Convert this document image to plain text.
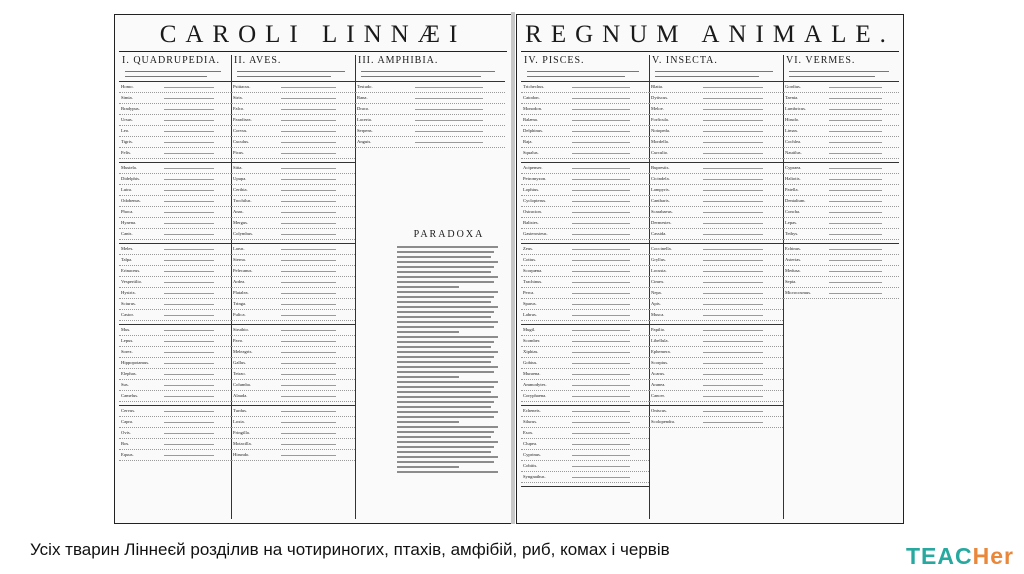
CAROLI LINNÆI
I. QUADRUPEDIA.
Homo.
Simia.
Bradypus.
Ursus.
Leo.
Tigris.
Felis.
Mustela.
Didelphis.
Lutra.
Odobenus.
Phoca.
Hyaena.
Canis.
Meles.
Talpa.
Erinaceus.
Vespertilio.
Hystrix.
Sciurus.
Castor.
Mus.
Lepus.
Sorex.
Hippopotamus.
Elephas.
Sus.
Camelus.
Cervus.
Capra.
Ovis.
Bos.
Equus.
II. AVES.
Psittacus.
Strix.
Falco.
Paradisea.
Corvus.
Cuculus.
Picus.
Sitta.
Upupa.
Certhia.
Trochilus.
Anas.
Mergus.
Colymbus.
Larus.
Sterna.
Pelecanus.
Ardea.
Platalea.
Tringa.
Fulica.
Struthio.
Pavo.
Meleagris.
Gallus.
Tetrao.
Columba.
Alauda.
Turdus.
Loxia.
Fringilla.
Motacilla.
Hirundo.
III. AMPHIBIA.
Testudo.
Rana.
Draco.
Lacerta.
Serpens.
Anguis.
PARADOXA
REGNUM ANIMALE.
IV. PISCES.
Trichechus.
Catodon.
Monodon.
Balæna.
Delphinus.
Raja.
Squalus.
Acipenser.
Petromyzon.
Lophius.
Cyclopterus.
Ostracion.
Balistes.
Gasterosteus.
Zeus.
Cottus.
Scorpæna.
Trachinus.
Perca.
Sparus.
Labrus.
Mugil.
Scomber.
Xiphias.
Gobius.
Muraena.
Ammodytes.
Coryphaena.
Echeneis.
Silurus.
Esox.
Clupea.
Cyprinus.
Cobitis.
Syngnathus.
V. INSECTA.
Blatta.
Dytiscus.
Meloe.
Forficula.
Notopeda.
Mordella.
Curculio.
Buprestis.
Cicindela.
Lampyris.
Cantharis.
Scarabaeus.
Dermestes.
Cassida.
Coccinella.
Gryllus.
Locusta.
Cimex.
Nepa.
Apis.
Musca.
Papilio.
Libellula.
Ephemera.
Scorpius.
Acarus.
Aranea.
Cancer.
Oniscus.
Scolopendra.
VI. VERMES.
Gordius.
Taenia.
Lumbricus.
Hirudo.
Limax.
Cochlea.
Nautilus.
Cypraea.
Haliotis.
Patella.
Dentalium.
Concha.
Lepas.
Tethys.
Echinus.
Asterias.
Medusa.
Sepia.
Microcosmus.
Усіх тварин Ліннеєй розділив на чотириногих, птахів, амфібій, риб, комах і червів	TEACHer
